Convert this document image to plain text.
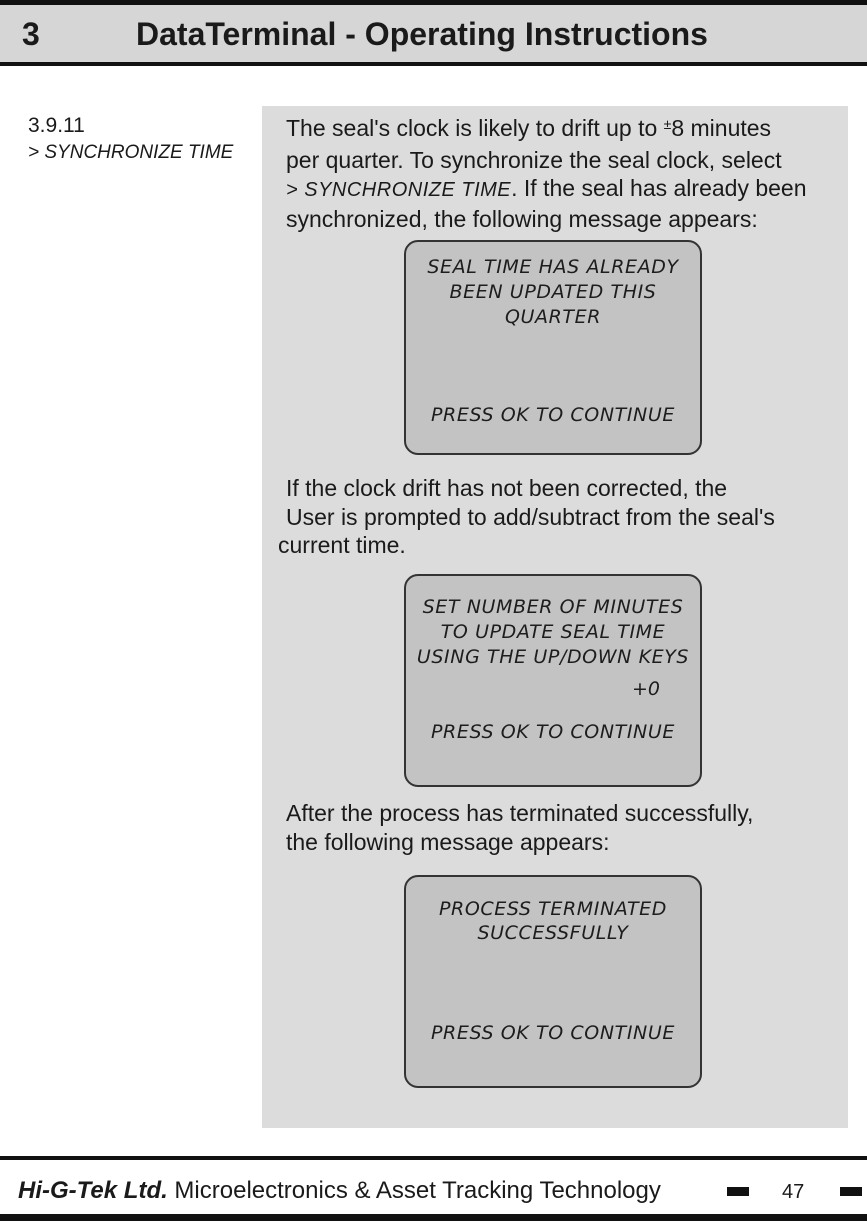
3	DataTerminal - Operating Instructions
3.9.11
> SYNCHRONIZE TIME

The seal's clock is likely to drift up to ±8 minutes
per quarter. To synchronize the seal clock, select
> SYNCHRONIZE TIME. If the seal has already been
synchronized, the following message appears:

SEAL TIME HAS ALREADY
BEEN UPDATED THIS
QUARTER
PRESS OK TO CONTINUE

If the clock drift has not been corrected, the
User is prompted to add/subtract from the seal's
current time.

SET NUMBER OF MINUTES
TO UPDATE SEAL TIME
USING THE UP/DOWN KEYS
+0
PRESS OK TO CONTINUE

After the process has terminated successfully,
the following message appears:

PROCESS TERMINATED
SUCCESSFULLY
PRESS OK TO CONTINUE
Hi-G-Tek Ltd. Microelectronics & Asset Tracking Technology	47
